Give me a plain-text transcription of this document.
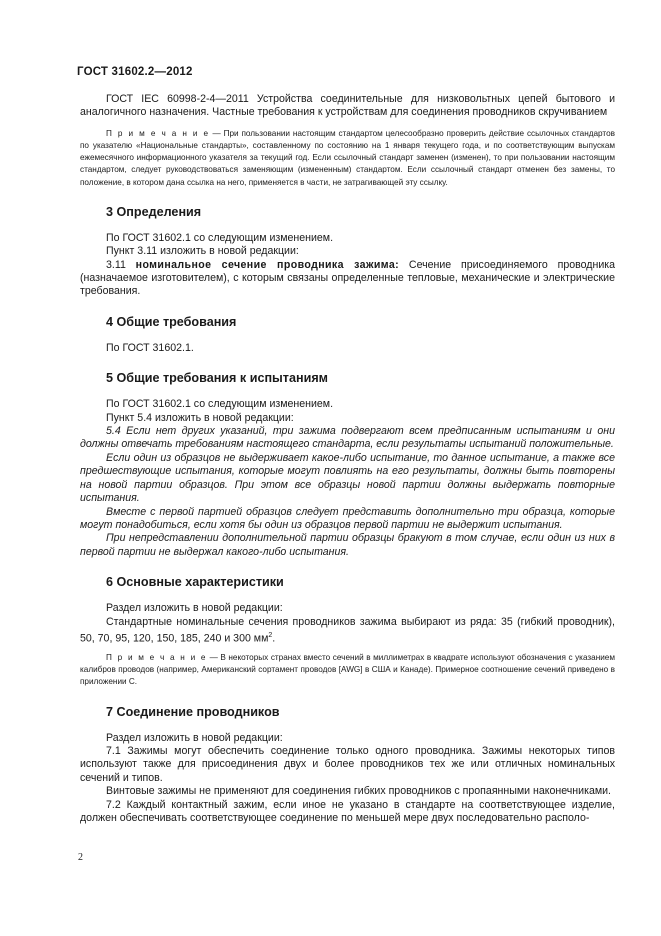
ГОСТ 31602.2—2012

ГОСТ IEC 60998-2-4—2011 Устройства соединительные для низковольтных цепей бытового и аналогичного назначения. Частные требования к устройствам для соединения проводников скручиванием

П р и м е ч а н и е — При пользовании настоящим стандартом целесообразно проверить действие ссылочных стандартов по указателю «Национальные стандарты», составленному по состоянию на 1 января текущего года, и по соответствующим выпускам ежемесячного информационного указателя за текущий год. Если ссылочный стандарт заменен (изменен), то при пользовании настоящим стандартом, следует руководствоваться заменяющим (измененным) стандартом. Если ссылочный стандарт отменен без замены, то положение, в котором дана ссылка на него, применяется в части, не затрагивающей эту ссылку.

3 Определения

По ГОСТ 31602.1 со следующим изменением.

Пункт 3.11 изложить в новой редакции:

3.11 номинальное сечение проводника зажима: Сечение присоединяемого проводника (назначаемое изготовителем), с которым связаны определенные тепловые, механические и электрические требования.

4 Общие требования

По ГОСТ 31602.1.

5 Общие требования к испытаниям

По ГОСТ 31602.1 со следующим изменением.

Пункт 5.4 изложить в новой редакции:

5.4 Если нет других указаний, три зажима подвергают всем предписанным испытаниям и они должны отвечать требованиям настоящего стандарта, если результаты испытаний положительные.

Если один из образцов не выдерживает какое-либо испытание, то данное испытание, а также все предшествующие испытания, которые могут повлиять на его результаты, должны быть повторены на новой партии образцов. При этом все образцы новой партии должны выдержать повторные испытания.

Вместе с первой партией образцов следует представить дополнительно три образца, которые могут понадобиться, если хотя бы один из образцов первой партии не выдержит испытания.

При непредставлении дополнительной партии образцы бракуют в том случае, если один из них в первой партии не выдержал какого-либо испытания.

6 Основные характеристики

Раздел изложить в новой редакции:

Стандартные номинальные сечения проводников зажима выбирают из ряда: 35 (гибкий проводник), 50, 70, 95, 120, 150, 185, 240 и 300 $мм^2$.

П р и м е ч а н и е — В некоторых странах вместо сечений в миллиметрах в квадрате используют обозначения с указанием калибров проводов (например, Американский сортамент проводов [AWG] в США и Канаде). Примерное соотношение сечений приведено в приложении С.

7 Соединение проводников

Раздел изложить в новой редакции:

7.1 Зажимы могут обеспечить соединение только одного проводника. Зажимы некоторых типов используют также для присоединения двух и более проводников тех же или отличных номинальных сечений и типов.

Винтовые зажимы не применяют для соединения гибких проводников с пропаянными наконечниками.

7.2 Каждый контактный зажим, если иное не указано в стандарте на соответствующее изделие, должен обеспечивать соответствующее соединение по меньшей мере двух последовательно располо-

2
